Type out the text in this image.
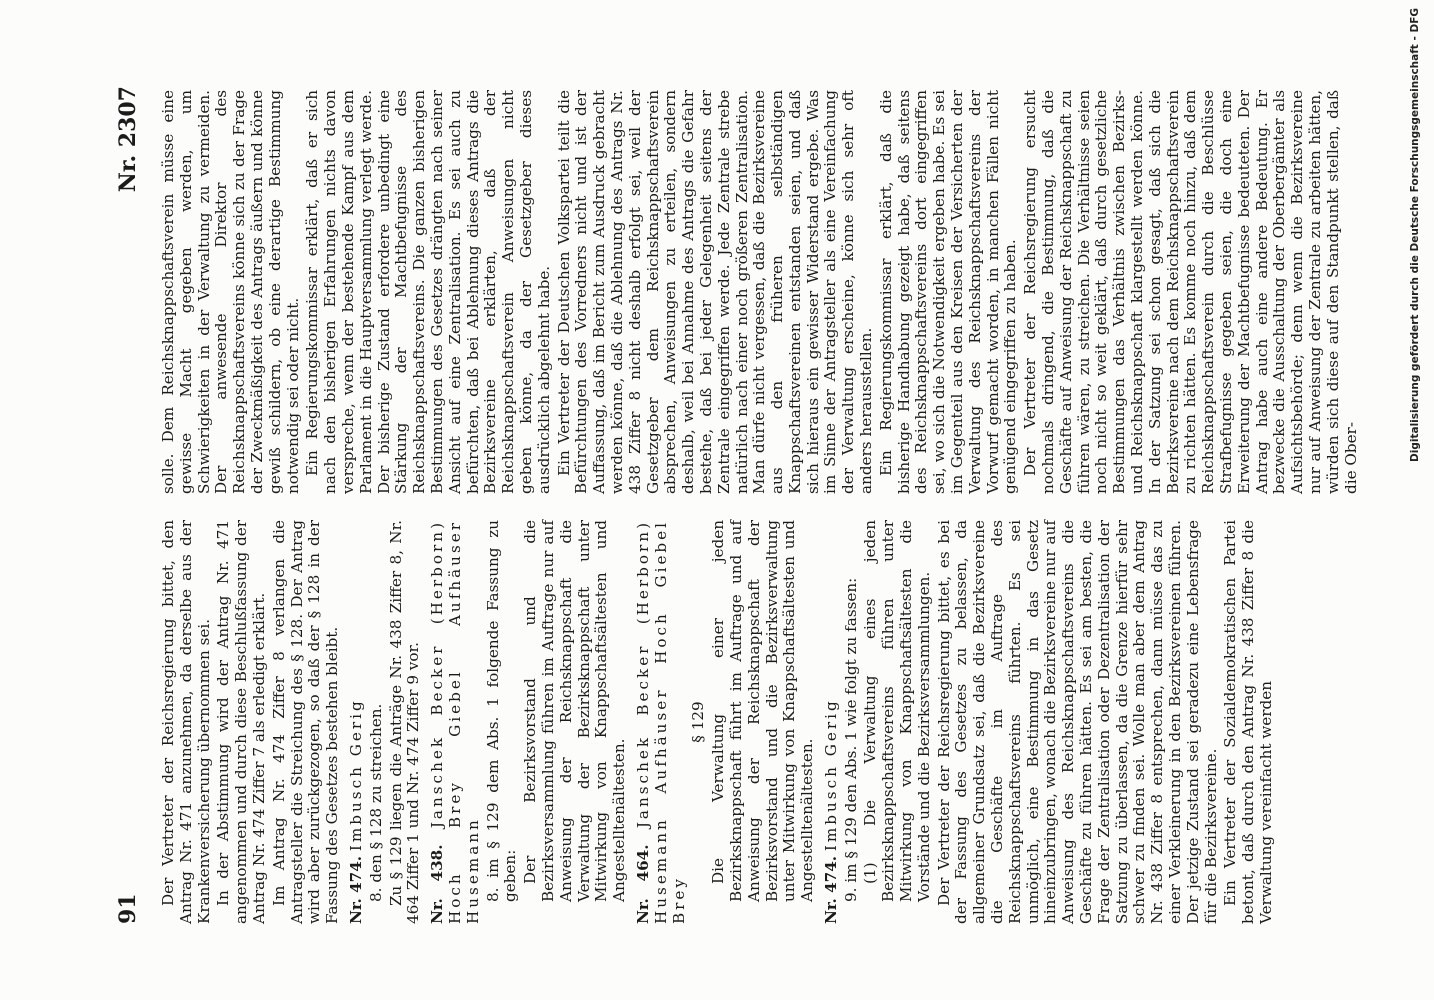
91
Nr. 2307

Der Vertreter der Reichsregierung bittet, den Antrag Nr. 471 anzunehmen, da derselbe aus der Krankenversicherung übernommen sei. In der Abstimmung wird der Antrag Nr. 471 angenommen und durch diese Beschlußfassung der Antrag Nr. 474 Ziffer 7 als erledigt erklärt. Im Antrag Nr. 474 Ziffer 8 verlangen die Antragsteller die Streichung des § 128. Der Antrag wird aber zurückgezogen, so daß der § 128 in der Fassung des Gesetzes bestehen bleibt. Nr. 474. Imbusch Gerig 8. den § 128 zu streichen. Zu § 129 liegen die Anträge Nr. 438 Ziffer 8, Nr. 464 Ziffer 1 und Nr. 474 Ziffer 9 vor. Nr. 438. Janschek Becker (Herborn) Hoch Brey Giebel Aufhäuser Husemann 8. im § 129 dem Abs. 1 folgende Fassung zu geben: Der Bezirksvorstand und die Bezirksversammlung führen im Auftrage nur auf Anweisung der Reichsknappschaft die Verwaltung der Bezirksknappschaft unter Mitwirkung von Knappschaftsältesten und Angestelltenältesten. Nr. 464. Janschek Becker (Herborn) Husemann Aufhäuser Hoch Giebel Brey

§ 129 Die Verwaltung einer jeden Bezirksknappschaft führt im Auftrage und auf Anweisung der Reichsknappschaft der Bezirksvorstand und die Bezirksverwaltung unter Mitwirkung von Knappschaftsältesten und Angestelltenältesten. Nr. 474. Imbusch Gerig 9. im § 129 den Abs. 1 wie folgt zu fassen: (1) Die Verwaltung eines jeden Bezirksknappschaftsvereins führen unter Mitwirkung von Knappschaftsältesten die Vorstände und die Bezirksversammlungen. Der Vertreter der Reichsregierung bittet, es bei der Fassung des Gesetzes zu belassen, da allgemeiner Grundsatz sei, daß die Bezirksvereine die Geschäfte im Auftrage des Reichsknappschaftsvereins führten. Es sei unmöglich, eine Bestimmung in das Gesetz hineinzubringen, wonach die Bezirksvereine nur auf Anweisung des Reichsknappschaftsvereins die Geschäfte zu führen hätten. Es sei am besten, die Frage der Zentralisation oder Dezentralisation der Satzung zu überlassen, da die Grenze hierfür sehr schwer zu finden sei. Wolle man aber dem Antrag Nr. 438 Ziffer 8 entsprechen, dann müsse das zu einer Verkleinerung in den Bezirksvereinen führen. Der jetzige Zustand sei geradezu eine Lebensfrage für die Bezirksvereine. Ein Vertreter der Sozialdemokratischen Partei betont, daß durch den Antrag Nr. 438 Ziffer 8 die Verwaltung vereinfacht werden

solle. Dem Reichsknappschaftsverein müsse eine gewisse Macht gegeben werden, um Schwierigkeiten in der Verwaltung zu vermeiden. Der anwesende Direktor des Reichsknappschaftsvereins könne sich zu der Frage der Zweckmäßigkeit des Antrags äußern und könne gewiß schildern, ob eine derartige Bestimmung notwendig sei oder nicht. Ein Regierungskommissar erklärt, daß er sich nach den bisherigen Erfahrungen nichts davon verspreche, wenn der bestehende Kampf aus dem Parlament in die Hauptversammlung verlegt werde. Der bisherige Zustand erfordere unbedingt eine Stärkung der Machtbefugnisse des Reichsknappschaftsvereins. Die ganzen bisherigen Bestimmungen des Gesetzes drängten nach seiner Ansicht auf eine Zentralisation. Es sei auch zu befürchten, daß bei Ablehnung dieses Antrags die Bezirksvereine erklärten, daß der Reichsknappschaftsverein Anweisungen nicht geben könne, da der Gesetzgeber dieses ausdrücklich abgelehnt habe. Ein Vertreter der Deutschen Volkspartei teilt die Befürchtungen des Vorredners nicht und ist der Auffassung, daß im Bericht zum Ausdruck gebracht werden könne, daß die Ablehnung des Antrags Nr. 438 Ziffer 8 nicht deshalb erfolgt sei, weil der Gesetzgeber dem Reichsknappschaftsverein absprechen, Anweisungen zu erteilen, sondern deshalb, weil bei Annahme des Antrags die Gefahr bestehe, daß bei jeder Gelegenheit seitens der Zentrale eingegriffen werde. Jede Zentrale strebe natürlich nach einer noch größeren Zentralisation. Man dürfe nicht vergessen, daß die Bezirksvereine aus den früheren selbständigen Knappschaftsvereinen entstanden seien, und daß sich hieraus ein gewisser Widerstand ergebe. Was im Sinne der Antragsteller als eine Vereinfachung der Verwaltung erscheine, könne sich sehr oft anders herausstellen. Ein Regierungskommissar erklärt, daß die bisherige Handhabung gezeigt habe, daß seitens des Reichsknappschaftsvereins dort eingegriffen sei, wo sich die Notwendigkeit ergeben habe. Es sei im Gegenteil aus den Kreisen der Versicherten der Verwaltung des Reichsknappschaftsvereins der Vorwurf gemacht worden, in manchen Fällen nicht genügend eingegriffen zu haben. Der Vertreter der Reichsregierung ersucht nochmals dringend, die Bestimmung, daß die Geschäfte auf Anweisung der Reichsknappschaft zu führen wären, zu streichen. Die Verhältnisse seien noch nicht so weit geklärt, daß durch gesetzliche Bestimmungen das Verhältnis zwischen Bezirks- und Reichsknappschaft klargestellt werden könne. In der Satzung sei schon gesagt, daß sich die Bezirksvereine nach dem Reichsknappschaftsverein zu richten hätten. Es komme noch hinzu, daß dem Reichsknappschaftsverein durch die Beschlüsse Strafbefugnisse gegeben seien, die doch eine Erweiterung der Machtbefugnisse bedeuteten. Der Antrag habe auch eine andere Bedeutung. Er bezwecke die Ausschaltung der Oberbergämter als Aufsichtsbehörde; denn wenn die Bezirksvereine nur auf Anweisung der Zentrale zu arbeiten hätten, würden sich diese auf den Standpunkt stellen, daß die Ober-	Digitalisierung gefördert durch die Deutsche Forschungsgemeinschaft - DFG
